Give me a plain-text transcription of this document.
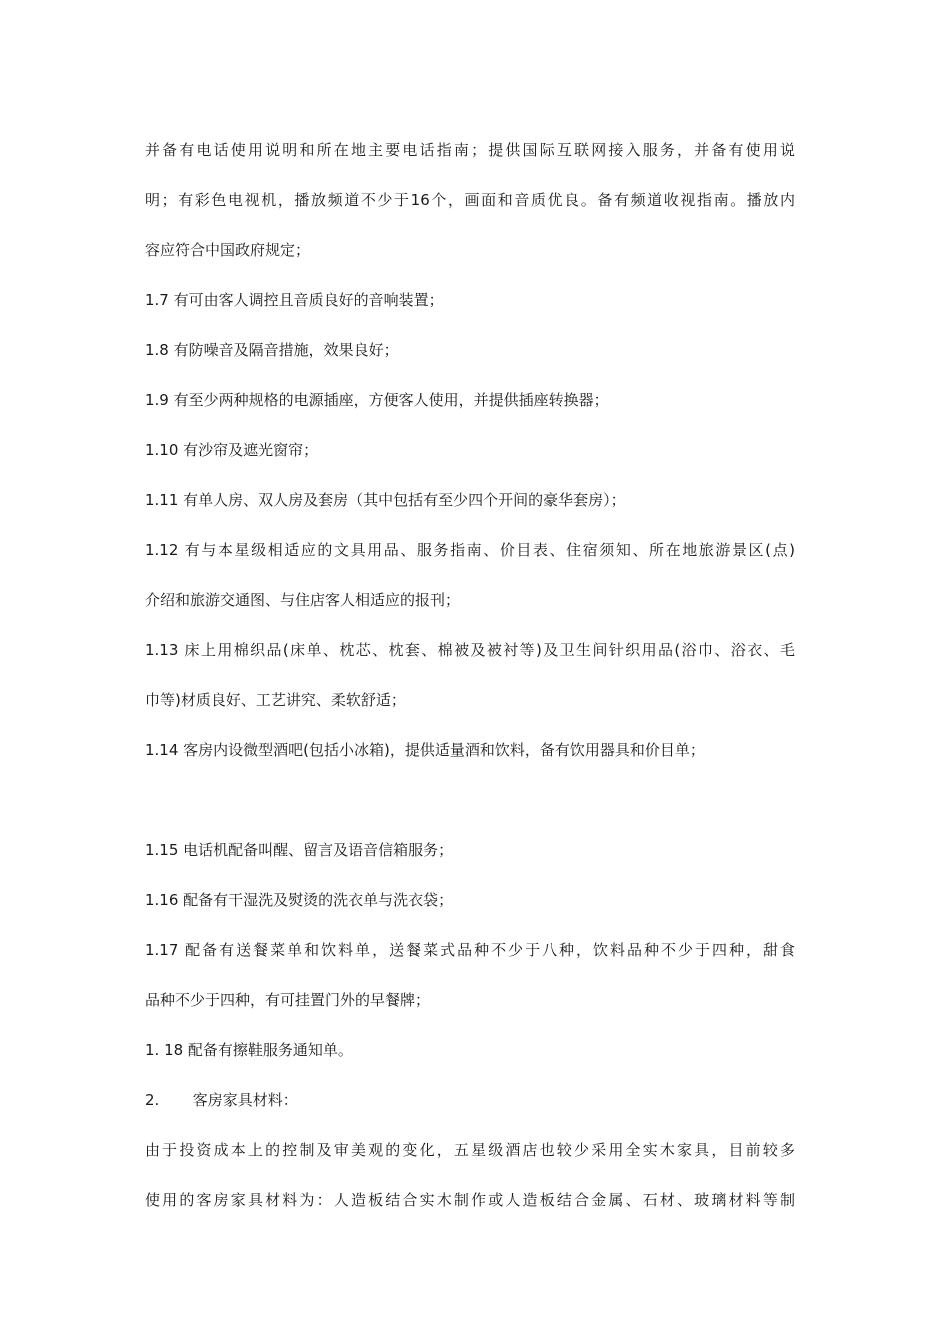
并备有电话使用说明和所在地主要电话指南；提供国际互联网接入服务，并备有使用说
明；有彩色电视机，播放频道不少于16个，画面和音质优良。备有频道收视指南。播放内
容应符合中国政府规定；
1.7 有可由客人调控且音质良好的音响装置；
1.8 有防噪音及隔音措施，效果良好；
1.9 有至少两种规格的电源插座，方便客人使用，并提供插座转换器；
1.10 有沙帘及遮光窗帘；
1.11 有单人房、双人房及套房（其中包括有至少四个开间的豪华套房）；
1.12 有与本星级相适应的文具用品、服务指南、价目表、住宿须知、所在地旅游景区(点)
介绍和旅游交通图、与住店客人相适应的报刊；
1.13 床上用棉织品(床单、枕芯、枕套、棉被及被衬等)及卫生间针织用品(浴巾、浴衣、毛
巾等)材质良好、工艺讲究、柔软舒适；
1.14 客房内设微型酒吧(包括小冰箱)，提供适量酒和饮料，备有饮用器具和价目单；
1.15 电话机配备叫醒、留言及语音信箱服务；
1.16 配备有干湿洗及熨烫的洗衣单与洗衣袋；
1.17 配备有送餐菜单和饮料单，送餐菜式品种不少于八种，饮料品种不少于四种，甜食
品种不少于四种，有可挂置门外的早餐牌；
1. 18 配备有擦鞋服务通知单。
2.       客房家具材料：
由于投资成本上的控制及审美观的变化，五星级酒店也较少采用全实木家具，目前较多
使用的客房家具材料为：人造板结合实木制作或人造板结合金属、石材、玻璃材料等制
